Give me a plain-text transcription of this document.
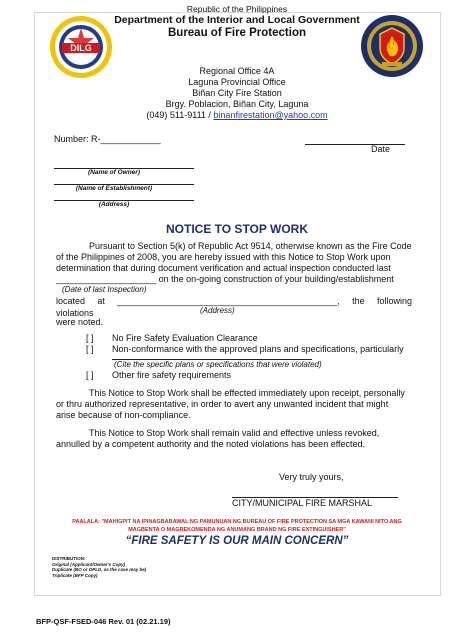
DILG
Republic of the Philippines
Department of the Interior and Local Government
Bureau of Fire Protection
Regional Office 4A
Laguna Provincial Office
Biñan City Fire Station
Brgy. Poblacion, Biñan City, Laguna
(049) 511-9111 / binanfirestation@yahoo.com
Number: R-____________
Date
(Name of Owner)
(Name of Establishment)
(Address)
NOTICE TO STOP WORK
Pursuant to Section 5(k) of Republic Act 9514, otherwise known as the Fire Code
of the Philippines of 2008, you are hereby issued with this Notice to Stop Work upon
determination that during document verification and actual inspection conducted last
____________________ on the on-going construction of your building/establishment
(Date of last Inspection)
located at ____________________________________________, the following violations	(Address)
were noted.
[ ] No Fire Safety Evaluation Clearance
[ ] Non-conformance with the approved plans and specifications, particularly
(Cite the specific plans or specifications that were violated)
[ ] Other fire safety requirements
This Notice to Stop Work shall be effected immediately upon receipt, personally
or thru authorized representative, in order to avert any unwanted incident that might
arise because of non-compliance.
This Notice to Stop Work shall remain valid and effective unless revoked,
annulled by a competent authority and the noted violations has been effected.
Very truly yours,
CITY/MUNICIPAL FIRE MARSHAL
PAALALA: "MAHIGPIT NA IPINAGBABAWAL NG PAMUNUAN NG BUREAU OF FIRE PROTECTION SA MGA KAWANI NITO ANG
MAGBENTA O MAGREKOMENDA NG ANUMANG BRAND NG FIRE EXTINGUISHER"
“FIRE SAFETY IS OUR MAIN CONCERN”
DISTRIBUTION:
Original (Applicant/Owner's Copy)
Duplicate (BO or OPLD, as the case may be)
Triplicate (BFP Copy)
BFP-QSF-FSED-046 Rev. 01 (02.21.19)
